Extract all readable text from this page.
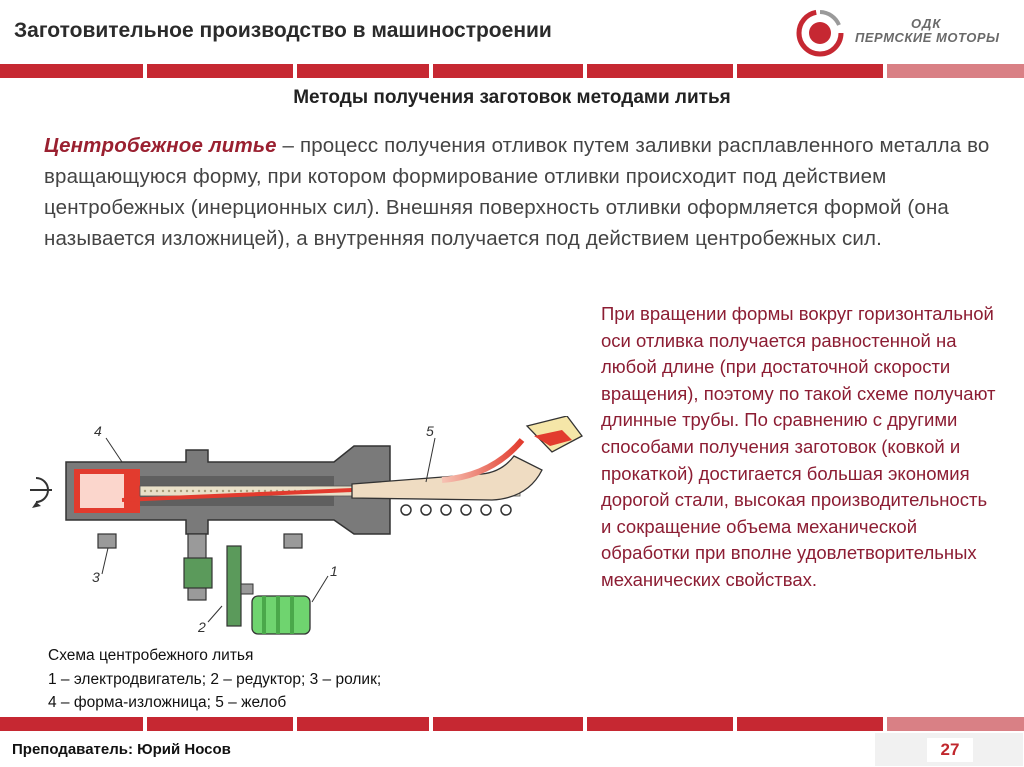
Заготовительное производство в машиностроении	ОДК
ПЕРМСКИЕ МОТОРЫ
Методы получения заготовок методами литья
Центробежное литье – процесс получения отливок путем заливки расплавленного металла во вращающуюся форму, при котором формирование отливки происходит под действием центробежных (инерционных сил). Внешняя поверхность отливки оформляется формой (она называется изложницей), а внутренняя получается под действием центробежных сил.
При вращении формы вокруг горизонтальной оси отливка получается равностенной на любой длине (при достаточной скорости вращения), поэтому по такой схеме получают длинные трубы. По сравнению с другими способами получения заготовок (ковкой и прокаткой) достигается большая экономия дорогой стали, высокая производительность и сокращение объема механической обработки при вполне удовлетворительных механических свойствах.
4	5
3
2
1
Схема центробежного литья
1 – электродвигатель; 2 – редуктор; 3 – ролик;
4 – форма-изложница; 5 – желоб
Преподаватель: Юрий Носов	27
